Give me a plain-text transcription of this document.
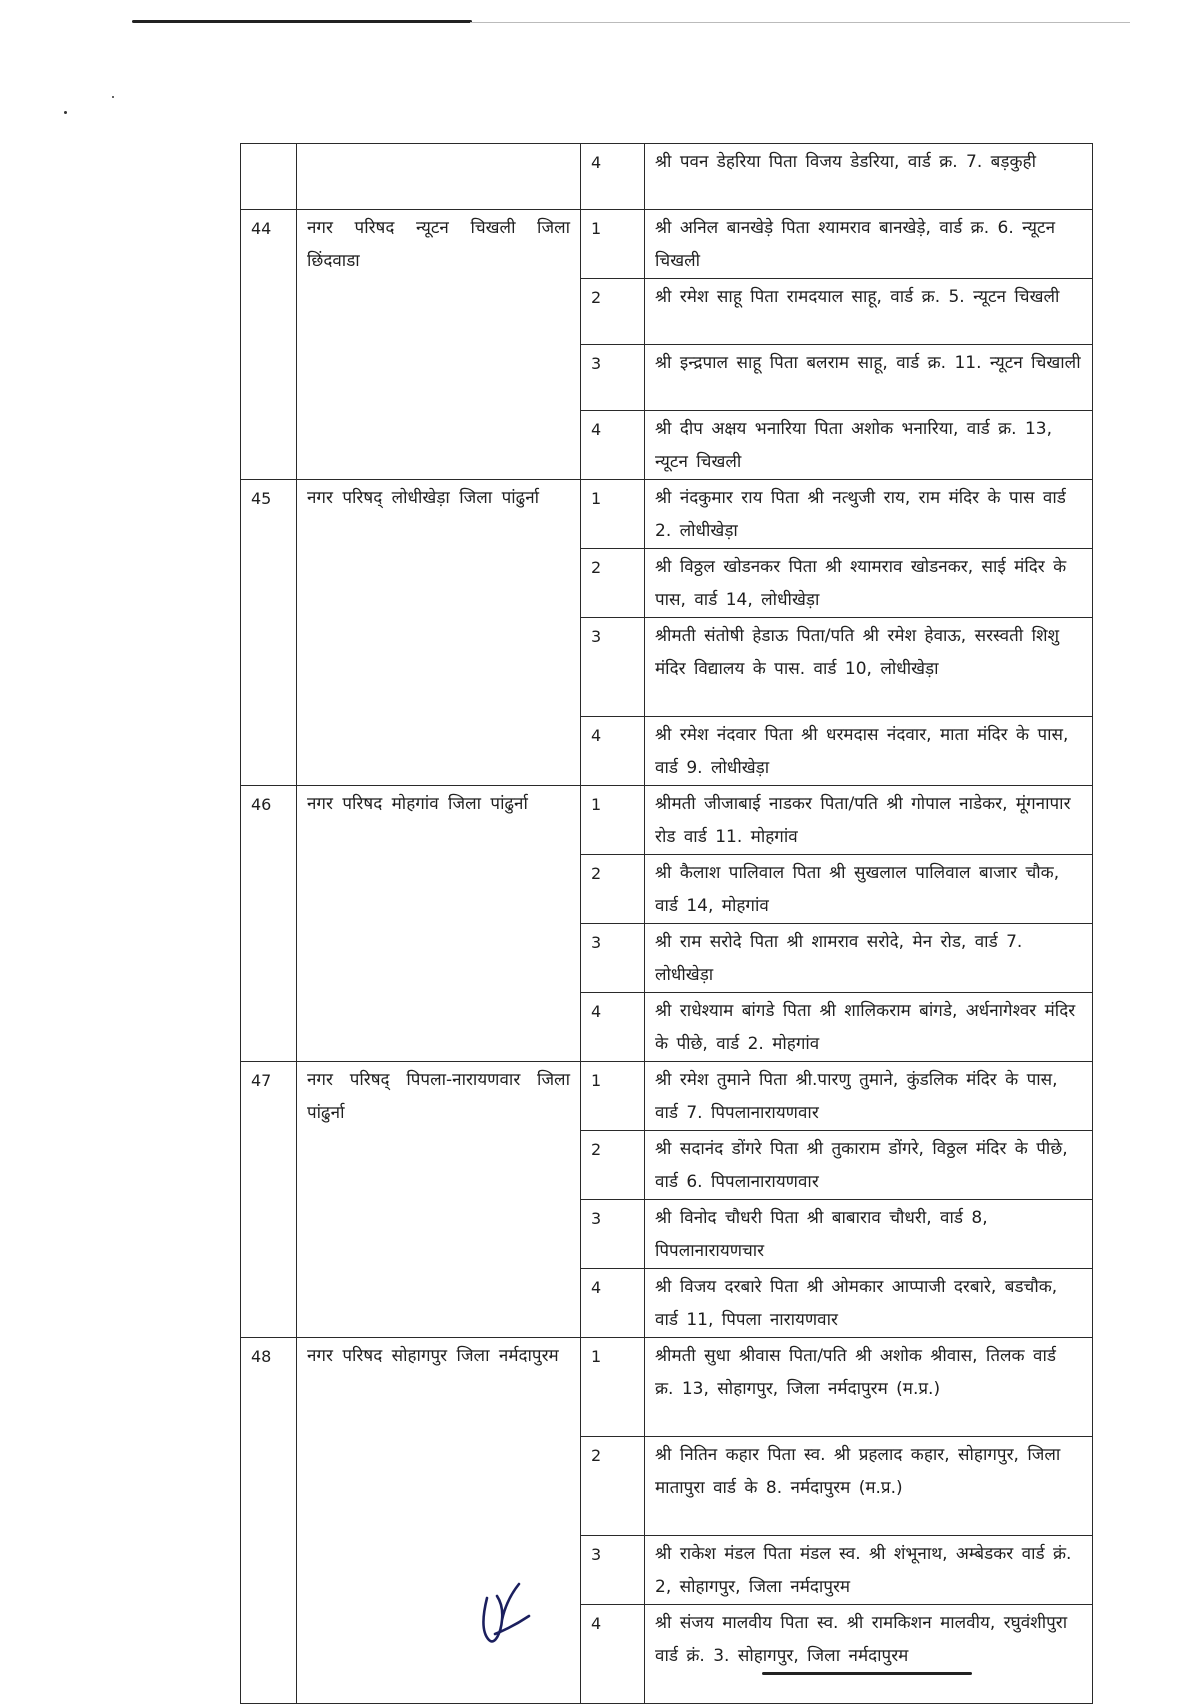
		4	श्री पवन डेहरिया पिता विजय डेडरिया, वार्ड क्र. 7. बड़कुही
44	नगर परिषद न्यूटन चिखली जिला छिंदवाडा	1	श्री अनिल बानखेड़े पिता श्यामराव बानखेड़े, वार्ड क्र. 6. न्यूटन चिखली
		2	श्री रमेश साहू पिता रामदयाल साहू, वार्ड क्र. 5. न्यूटन चिखली
		3	श्री इन्द्रपाल साहू पिता बलराम साहू, वार्ड क्र. 11. न्यूटन चिखाली
		4	श्री दीप अक्षय भनारिया पिता अशोक भनारिया, वार्ड क्र. 13, न्यूटन चिखली
45	नगर परिषद् लोधीखेड़ा जिला पांढुर्ना	1	श्री नंदकुमार राय पिता श्री नत्थुजी राय, राम मंदिर के पास वार्ड 2. लोधीखेड़ा
		2	श्री विठ्ठल खोडनकर पिता श्री श्यामराव खोडनकर, साई मंदिर के पास, वार्ड 14, लोधीखेड़ा
		3	श्रीमती संतोषी हेडाऊ पिता/पति श्री रमेश हेवाऊ, सरस्वती शिशु मंदिर विद्यालय के पास. वार्ड 10, लोधीखेड़ा
		4	श्री रमेश नंदवार पिता श्री धरमदास नंदवार, माता मंदिर के पास, वार्ड 9. लोधीखेड़ा
46	नगर परिषद मोहगांव जिला पांढुर्ना	1	श्रीमती जीजाबाई नाडकर पिता/पति श्री गोपाल नाडेकर, मूंगनापार रोड वार्ड 11. मोहगांव
		2	श्री कैलाश पालिवाल पिता श्री सुखलाल पालिवाल बाजार चौक, वार्ड 14, मोहगांव
		3	श्री राम सरोदे पिता श्री शामराव सरोदे, मेन रोड, वार्ड 7. लोधीखेड़ा
		4	श्री राधेश्याम बांगडे पिता श्री शालिकराम बांगडे, अर्धनागेश्वर मंदिर के पीछे, वार्ड 2. मोहगांव
47	नगर परिषद् पिपला-नारायणवार जिला पांढुर्ना	1	श्री रमेश तुमाने पिता श्री.पारणु तुमाने, कुंडलिक मंदिर के पास, वार्ड 7. पिपलानारायणवार
		2	श्री सदानंद डोंगरे पिता श्री तुकाराम डोंगरे, विठ्ठल मंदिर के पीछे, वार्ड 6. पिपलानारायणवार
		3	श्री विनोद चौधरी पिता श्री बाबाराव चौधरी, वार्ड 8, पिपलानारायणचार
		4	श्री विजय दरबारे पिता श्री ओमकार आप्पाजी दरबारे, बडचौक, वार्ड 11, पिपला नारायणवार
48	नगर परिषद सोहागपुर जिला नर्मदापुरम	1	श्रीमती सुधा श्रीवास पिता/पति श्री अशोक श्रीवास, तिलक वार्ड क्र. 13, सोहागपुर, जिला नर्मदापुरम (म.प्र.)
		2	श्री नितिन कहार पिता स्व. श्री प्रहलाद कहार, सोहागपुर, जिला मातापुरा वार्ड के 8. नर्मदापुरम (म.प्र.)
		3	श्री राकेश मंडल पिता मंडल स्व. श्री शंभूनाथ, अम्बेडकर वार्ड क्रं. 2, सोहागपुर, जिला नर्मदापुरम
		4	श्री संजय मालवीय पिता स्व. श्री रामकिशन मालवीय, रघुवंशीपुरा वार्ड क्रं. 3. सोहागपुर, जिला नर्मदापुरम
